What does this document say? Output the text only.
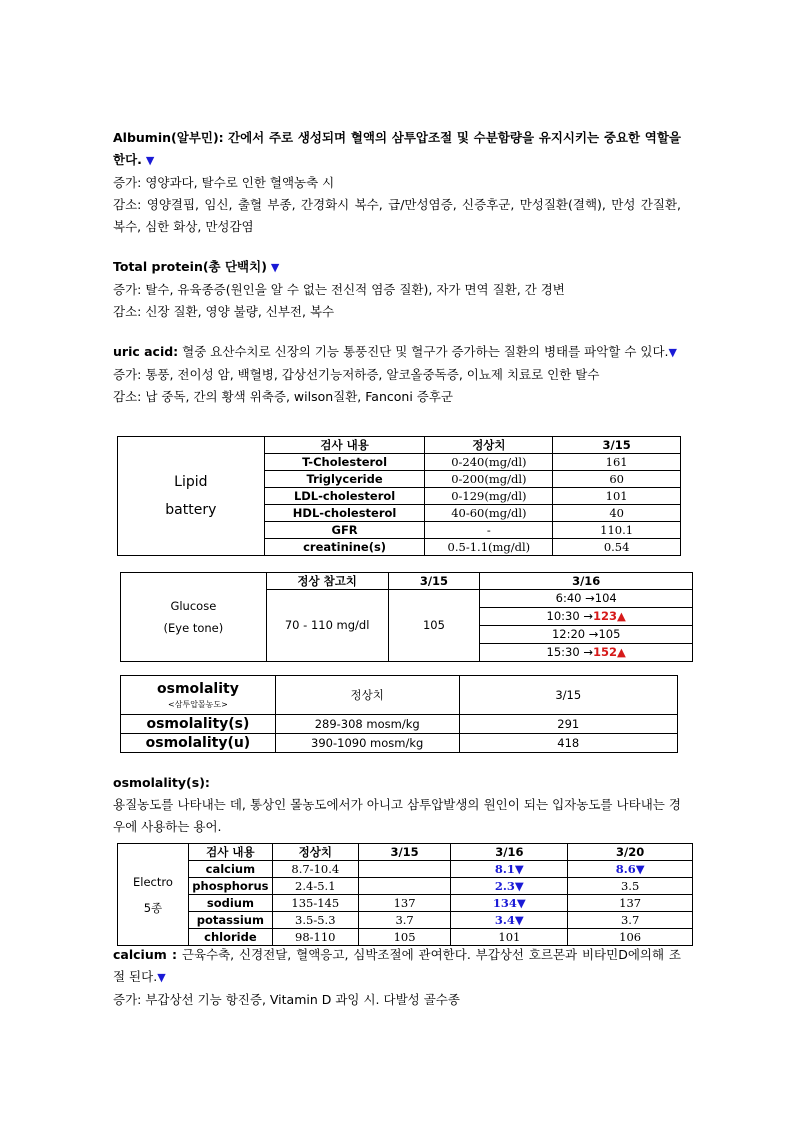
Albumin(알부민): 간에서 주로 생성되며 혈액의 삼투압조절 및 수분함량을 유지시키는 중요한 역할을 한다. ▼

증가: 영양과다, 탈수로 인한 혈액농축 시

감소: 영양결핍, 임신, 출혈 부종, 간경화시 복수, 급/만성염증, 신증후군, 만성질환(결핵), 만성 간질환, 복수, 심한 화상, 만성감염

Total protein(총 단백치) ▼

증가: 탈수, 유육종증(원인을 알 수 없는 전신적 염증 질환), 자가 면역 질환, 간 경변

감소: 신장 질환, 영양 불량, 신부전, 복수

uric acid: 혈중 요산수치로 신장의 기능 통풍진단 및 혈구가 증가하는 질환의 병태를 파악할 수 있다.▼

증가: 통풍, 전이성 암, 백혈병, 갑상선기능저하증, 알코올중독증, 이뇨제 치료로 인한 탈수

감소: 납 중독, 간의 황색 위축증, wilson질환, Fanconi 증후군

Lipid
battery	검사 내용	정상치	3/15
	T-Cholesterol	0-240(mg/dl)	161
	Triglyceride	0-200(mg/dl)	60
	LDL-cholesterol	0-129(mg/dl)	101
	HDL-cholesterol	40-60(mg/dl)	40
	GFR	-	110.1
	creatinine(s)	0.5-1.1(mg/dl)	0.54
Glucose
(Eye tone)	정상 참고치	3/15	3/16
	70 - 110 mg/dl	105	6:40 →104
			10:30 →123▲
			12:20 →105
			15:30 →152▲
osmolality
<삼투압몰농도>	정상치	3/15
osmolality(s)	289-308 mosm/kg	291
osmolality(u)	390-1090 mosm/kg	418

osmolality(s):

용질농도를 나타내는 데, 통상인 몰농도에서가 아니고 삼투압발생의 원인이 되는 입자농도를 나타내는 경우에 사용하는 용어.

Electro
5종	검사 내용	정상치	3/15	3/16	3/20
	calcium	8.7-10.4		8.1▼	8.6▼
	phosphorus	2.4-5.1		2.3▼	3.5
	sodium	135-145	137	134▼	137
	potassium	3.5-5.3	3.7	3.4▼	3.7
	chloride	98-110	105	101	106

calcium : 근육수축, 신경전달, 혈액응고, 심박조절에 관여한다. 부갑상선 호르몬과 비타민D에의해 조절 된다.▼

증가: 부갑상선 기능 항진증, Vitamin D 과잉 시. 다발성 골수종
